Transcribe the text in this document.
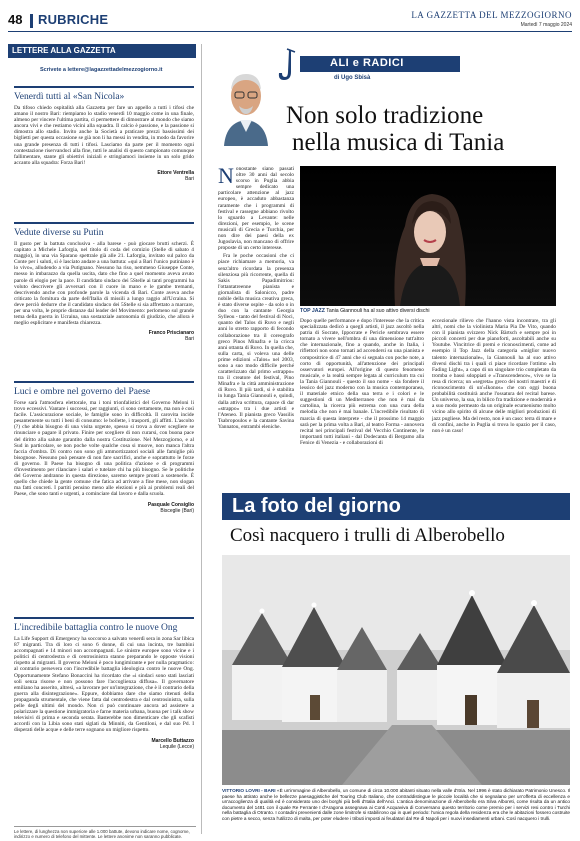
48 RUBRICHE	LA GAZZETTA DEL MEZZOGIORNO
Martedì 7 maggio 2024
LETTERE ALLA GAZZETTA
Scrivete a lettere@lagazzettadelmezzogiorno.it
Venerdì tutti al «San Nicola»
Da tifoso chiedo ospitalità alla Gazzetta per fare un appello a tutti i tifosi che amano il nostro Bari: riempiamo lo stadio venerdì 10 maggio come in una finale, almeno per vincere l'ultima partita, ci permettere di dimostrare al mondo che siamo ancora vivi e che restiamo vicini alla squadra. Il calcio è passione, e la passione si dimostra allo stadio. Invito anche la Società a praticare prezzi bassissimi dei biglietti per questa occasione se già non li ha messi in vendita, in modo da favorire una grande presenza di tutti i tifosi. Lasciamo da parte per il momento ogni contestazione riservandoci alla fine, tutti le analisi di questo campionato comunque fallimentare, stante gli obiettivi iniziali e stringiamoci insieme in un solo grido accanto alla squadra: Forza Bari!
Ettore Ventrella
Bari
Vedute diverse su Putin
Il gusto per la battuta conclusiva - alla barese - può giocare brutti scherzi. È capitato a Michele Laforgia, nel titolo di coda del comizio (Stelle di sabato 4 maggio), in una via Sparano spettrale già alle 21. Laforgia, invitato sul palco da Conte per i saluti, si è lasciato andare a una battuta: «qui a Bari l'unico putiniano è lo vivo», alludendo a via Putignano. Nessuno ha riso, nemmeno Giuseppe Conte, messo in imbarazzo da quella uscita, dato che fino a quel momento aveva avuto parole di elogio per la pace. Il candidato sindaco dei 5Stelle ai tanti programmi ha voluto descrivere gli avversari con il cuore in mano e le gambe tremanti, descrivendo anche con profonde parole la vicenda di Bari. Conte aveva anche criticato la fornitura da parte dell'Italia di missili a lungo raggio all'Ucraina. Si deve perciò dedurre che il candidato sindaco dei 5Stelle si sia affrettato a marcare, per una volta, le proprie distanze dal leader del Movimento: perlomeno sul grande tema della guerra in Ucraina, una sostanziale autonomia di giudizio, che allora è meglio esplicitare e manifesta chiarezza.
Franco Priscianaro
Bari
Luci e ombre nel governo del Paese
Forse sarà l'atmosfera elettorale, ma i toni trionfalistici del Governo Meloni li trovo eccessivi. Vantare i successi, per raggiunti, ci sono certamente, ma non è così facile. L'assicurazione sociale, le famiglie sono in difficoltà. Il carovita incide pesantemente su tutti i beni di consumo: le bollette, i trasporti, gli affitti. L'ascolto (?) che abbia bisogno di una visita urgente, spesso si trova a dover scegliere se rinunciare o pagare il privato. Finire per scegliere di non curarsi, con buona pace del diritto alla salute garantito dalla nostra Costituzione. Nel Mezzogiorno, e al Sud in particolare, se non poche volte qualche cosa si muove, non manca l'altra faccia d'ombra. Di contro non sono gli ammortizzatori sociali alle famiglie più bisognose. Nessuno può pensare di non fare sacrifici, anche e soprattutto le forze di governo. Il Paese ha bisogno di una politica d'azione e di programmi d'investimento per rilanciare i salari e tutelare chi ha più bisogno. Se le politiche del Governo andranno in questa direzione, saremo sempre pronti a sostenerle. È quello che chiede la gente comune che fatica ad arrivare a fine mese, non slogan ma fatti concreti. I partiti pensino meno alle elezioni e più ai problemi reali del Paese, che sono tanti e urgenti, a cominciare dal lavoro e dalla scuola.
Pasquale Consiglio
Bisceglie (Bari)
L'incredibile battaglia contro le nuove Ong
La Life Support di Emergency ha soccorso a salvato venerdì sera in zona Sar libica 87 migranti. Tra di loro ci sono 6 donne, di cui una incinta, tre bambini accompagnati e 14 minori non accompagnati. Le sinistre europee sono vicine e i politici di centrodestra e di centrosinistra stanno preparando le opposte visioni rispetto ai migranti. Il governo Meloni è poco lungimirante e per nulla pragmatico: al contrario persevera con l'incredibile battaglia ideologica contro le nuove Ong. Opportunamente Stefano Bonaccini ha ricordato che «i sindaci sono stati lasciati soli senza risorse e non possono fare l'accoglienza diffusa». Il governatore emiliano ha asserito, altresì, «a lavorare per un'integrazione, che è il contrario della guerra alla disintegrazione». Eppure, dobbiamo dare che siamo ritenuti della propaganda strumentale, che viene fatta dal centrodestra e dal centrosinistra, sulla pelle degli ultimi del mondo. Non ci può continuare ancora ad assistere a polarizzare la questione immigratoria e farne materia urbana, buona per i talk show televisivi di prima e seconda serata. Basterebbe non dimenticare che gli scafisti accordi con la Libia sono stati siglati da Minniti, da Gentiloni, e dal suo Pd. I disperati delle acque e delle terre sognano un migliore rispetto.
Marcello Buttazzo
Lequile (Lecce)
Le lettere, di lunghezza non superiore alle 1.000 battute, devono indicare nome, cognome, indirizzo e numero di telefono del mittente. Le lettere anonime non saranno pubblicate.
ALI e RADICI
di Ugo Sbisà
Non solo tradizione
nella musica di Tania
N onostante siano passati oltre 30 anni dal secolo scorso in Puglia abbia sempre dedicato una particolare attenzione al jazz europeo, è accaduto abbastanza raramente che i programmi di festival e rassegne abbiano rivolto lo sguardo a Levante: nelle direzioni, per esempio, le scene musicali di Grecia e Turchia, per non dire dei paesi della ex Jugoslavia, non mancano di offrire proposte di un certo interesse.

Fra le poche occasioni che ci piace richiamare a memoria, va senz'altro ricordata la presenza silenziosa più ricorrente, quella di Sakis Papadimitriou: l'ottantatreenne pianista e giornalista di Salonicco, padre nobile della musica creativa greca, è stato diverse ospite - da solo o in duo con la cantante Georgia Sylleou - tanto del festival di Noci, quanto del Talos di Ruvo e negli anni lo stretto rapporto di fecondo collaborazione tra il coreografo greco Pinos Minafra e la cricca anni ottanta di Ruvo. In quella che, sulla carta, si voleva una delle prime edizioni «Talos» nel 2003, sono a suo modo difficile perché caratterizzato dal primo «strappo» tra il creatore del festival, Pino Minafra e la città amministrazione di Ruvo. Il più tardi, si è stabilita in lunga Tania Giannouli e, quindi, dalla attiva scrittura, capace di dar «strappo» tra i due artisti e l'Ateneo. Il pianista greco Vassilis Tsabropoulos e la cantante Savina Yannatou, entrambi eleniche.

TOP JAZZ Tania Giannouli ha al suo attivo diversi dischi
Dopo quelle performance e dopo l'interesse che la critica specializzata dedicò a quegli artisti, il jazz ascoltò nella patria di Socrate, Ippocrate e Pericle sembrava essere tornato a vivere nell'ombra di una dimensione tutt'altro che internazionale, fino a quando, anche in Italia, i riflettori non sono tornati ad accendersi su una pianista e compositrice di 47 anni che si segnala con poche note, a corto di opportunità, all'attenzione dei principali osservatori europei. All'origine di questo fenomeno musicale, e la realtà sempre legata al curriculum tra cui la Tania Giannouli - questo il suo nome - sia fondere il lessico del jazz moderno con la musica contemporanea, il materiale etnico della sua terra e i colori e le suggestioni di un Mediterraneo che non è mai da cartolina, la ricerca più estrema con una cura della melodia che non è mai banale. L'incredibile risultato di marcia di questa interprete - che il prossimo 14 maggio sarà per la prima volta a Bari, al teatro Forma - annovera recital nei principali festival del Vecchio Continente, le importanti tutti italiani - dal Dodecanta di Bergamo alla Fenice di Venezia - e collaborazioni di
eccezionale rilievo che l'hanno vista incontrare, tra gli altri, nomi che la violinista Maria Pia De Vito, quando con il pianista svizzero Nick Bärtsch e sempre poi in piccoli concerti per due pianoforti, ascoltabili anche su Youtube. Vincitrice di premi e riconoscimenti, come ad esempio il Top Jazz della categoria «miglior nuovo talento internazionale», la Giannouli ha al suo attivo diversi dischi tra i quali ci piace ricordare l'ottimo «In Fading Light», a capo di un singolare trio completato da tromba e bassi sdoppiati e «Transcendence», vivo se la resa di ricerca; un «segreta» greco dei nostri maestri e di riconoscimento di un'«Ikonos» che con oggi buona probabilità costituirà anche l'ossatura del recital barese. Un universo, la sua, in bilico fra tradizione e modernità e a suo modo permeato da un originale ecumenismo molto vicino allo spirito di alcune delle migliori produzioni di jazz pugliese. Ma del resto, non è un caso: terra di mare e di confini, anche in Puglia si trova lo spazio per il caso, non è un caso!
La foto del giorno
Così nacquero i trulli di Alberobello
VITTORIO LOVRI - BARI «È un'immagine di Alberobello, un comune di circa 10.000 abitanti situato nella valle d'Itria. Nel 1996 è stato dichiarato Patrimonio Unesco. Il paese ha attirato anche le bellezze paesaggistiche del Touring Club Italiano, che contraddistingue le piccole località che si segnalano per un'offerta di eccellenza e un'accoglienza di qualità ed è considerato uno dei borghi più belli d'Italia dell'Anci. L'antica denominazione di Alberobello era Silva Alboreti, come risulta da un antico documento del 1481 con il quale Re Ferrante I d'Aragona assegnava ai Conti Acquaviva di Conversano questo territorio come premio per i servizi resi contro i Turchi nella battaglia di Otranto. I contadini prevenienti dalle zone limitrofe si stabilirono qui in quel periodo: l'unica regola della residenza era che le abitazioni fossero costruite con pietre a secco, senza l'utilizzo di malta, per poter eludere i tributi imposti ai feudatari dal Re di Napoli per i nuovi insediamenti urbani. Così nacquero i trulli.
